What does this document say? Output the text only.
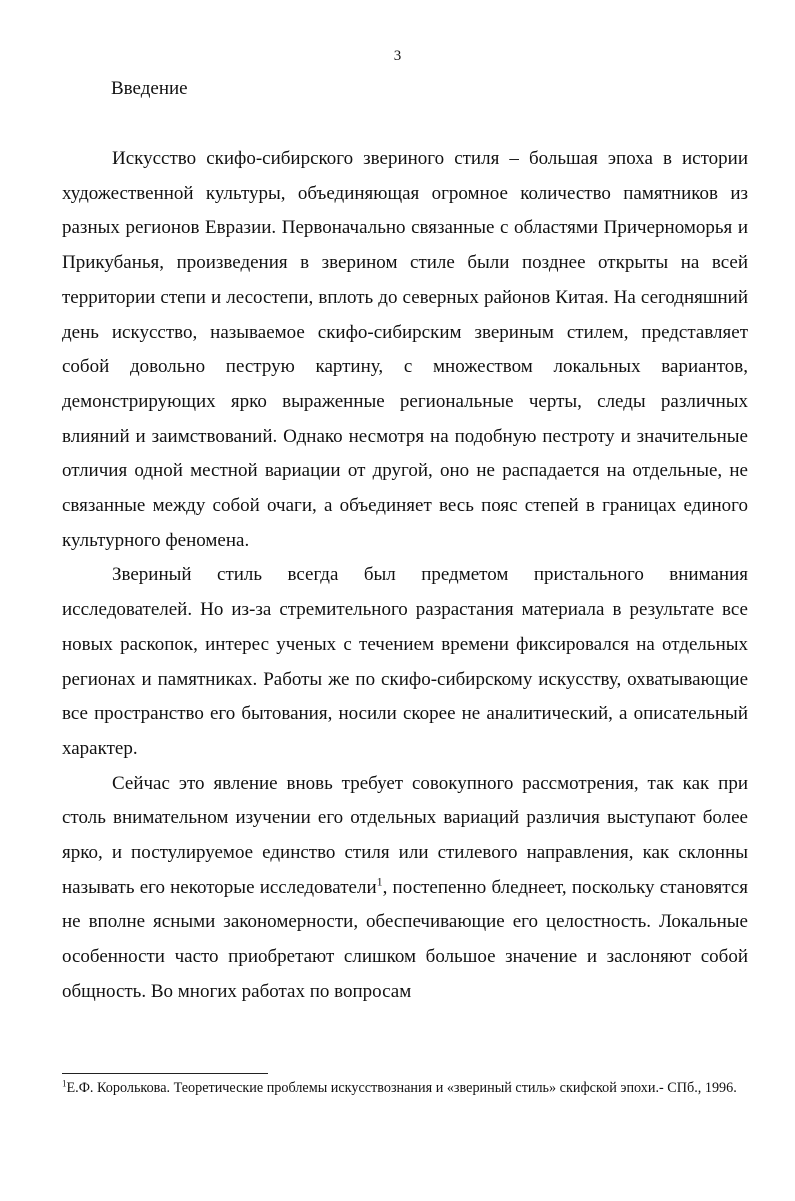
3
Введение

Искусство скифо-сибирского звериного стиля – большая эпоха в истории художественной культуры, объединяющая огромное количество памятников из разных регионов Евразии. Первоначально связанные с областями Причерноморья и Прикубанья, произведения в зверином стиле были позднее открыты на всей территории степи и лесостепи, вплоть до северных районов Китая. На сегодняшний день искусство, называемое скифо-сибирским звериным стилем, представляет собой довольно пеструю картину, с множеством локальных вариантов, демонстрирующих ярко выраженные региональные черты, следы различных влияний и заимствований. Однако несмотря на подобную пестроту и значительные отличия одной местной вариации от другой, оно не распадается на отдельные, не связанные между собой очаги, а объединяет весь пояс степей в границах единого культурного феномена.

Звериный стиль всегда был предметом пристального внимания исследователей. Но из-за стремительного разрастания материала в результате все новых раскопок, интерес ученых с течением времени фиксировался на отдельных регионах и памятниках. Работы же по скифо-сибирскому искусству, охватывающие все пространство его бытования, носили скорее не аналитический, а описательный характер.

Сейчас это явление вновь требует совокупного рассмотрения, так как при столь внимательном изучении его отдельных вариаций различия выступают более ярко, и постулируемое единство стиля или стилевого направления, как склонны называть его некоторые исследователи$^1$, постепенно бледнеет, поскольку становятся не вполне ясными закономерности, обеспечивающие его целостность. Локальные особенности часто приобретают слишком большое значение и заслоняют собой общность. Во многих работах по вопросам

$^1$Е.Ф. Королькова. Теоретические проблемы искусствознания и «звериный стиль» скифской эпохи.- СПб., 1996.
